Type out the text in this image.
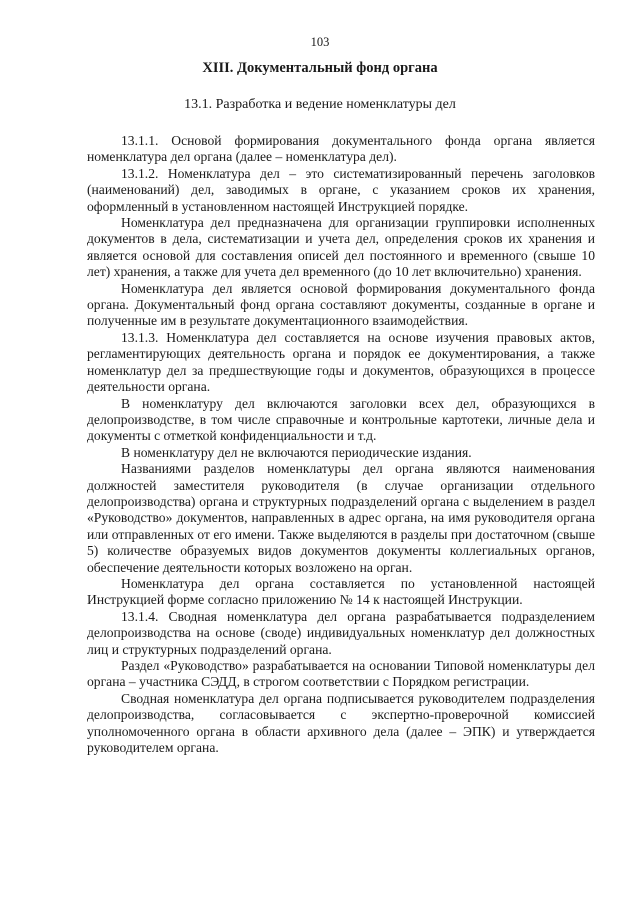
103
XIII. Документальный фонд органа
13.1. Разработка и ведение номенклатуры дел

13.1.1. Основой формирования документального фонда органа является номенклатура дел органа (далее – номенклатура дел).

13.1.2. Номенклатура дел – это систематизированный перечень заголовков (наименований) дел, заводимых в органе, с указанием сроков их хранения, оформленный в установленном настоящей Инструкцией порядке.

Номенклатура дел предназначена для организации группировки исполненных документов в дела, систематизации и учета дел, определения сроков их хранения и является основой для составления описей дел постоянного и временного (свыше 10 лет) хранения, а также для учета дел временного (до 10 лет включительно) хранения.

Номенклатура дел является основой формирования документального фонда органа. Документальный фонд органа составляют документы, созданные в органе и полученные им в результате документационного взаимодействия.

13.1.3. Номенклатура дел составляется на основе изучения правовых актов, регламентирующих деятельность органа и порядок ее документирования, а также номенклатур дел за предшествующие годы и документов, образующихся в процессе деятельности органа.

В номенклатуру дел включаются заголовки всех дел, образующихся в делопроизводстве, в том числе справочные и контрольные картотеки, личные дела и документы с отметкой конфиденциальности и т.д.

В номенклатуру дел не включаются периодические издания.

Названиями разделов номенклатуры дел органа являются наименования должностей заместителя руководителя (в случае организации отдельного делопроизводства) органа и структурных подразделений органа с выделением в раздел «Руководство» документов, направленных в адрес органа, на имя руководителя органа или отправленных от его имени. Также выделяются в разделы при достаточном (свыше 5) количестве образуемых видов документов документы коллегиальных органов, обеспечение деятельности которых возложено на орган.

Номенклатура дел органа составляется по установленной настоящей Инструкцией форме согласно приложению № 14 к настоящей Инструкции.

13.1.4. Сводная номенклатура дел органа разрабатывается подразделением делопроизводства на основе (своде) индивидуальных номенклатур дел должностных лиц и структурных подразделений органа.

Раздел «Руководство» разрабатывается на основании Типовой номенклатуры дел органа – участника СЭДД, в строгом соответствии с Порядком регистрации.

Сводная номенклатура дел органа подписывается руководителем подразделения делопроизводства, согласовывается с экспертно-проверочной комиссией уполномоченного органа в области архивного дела (далее – ЭПК) и утверждается руководителем органа.
